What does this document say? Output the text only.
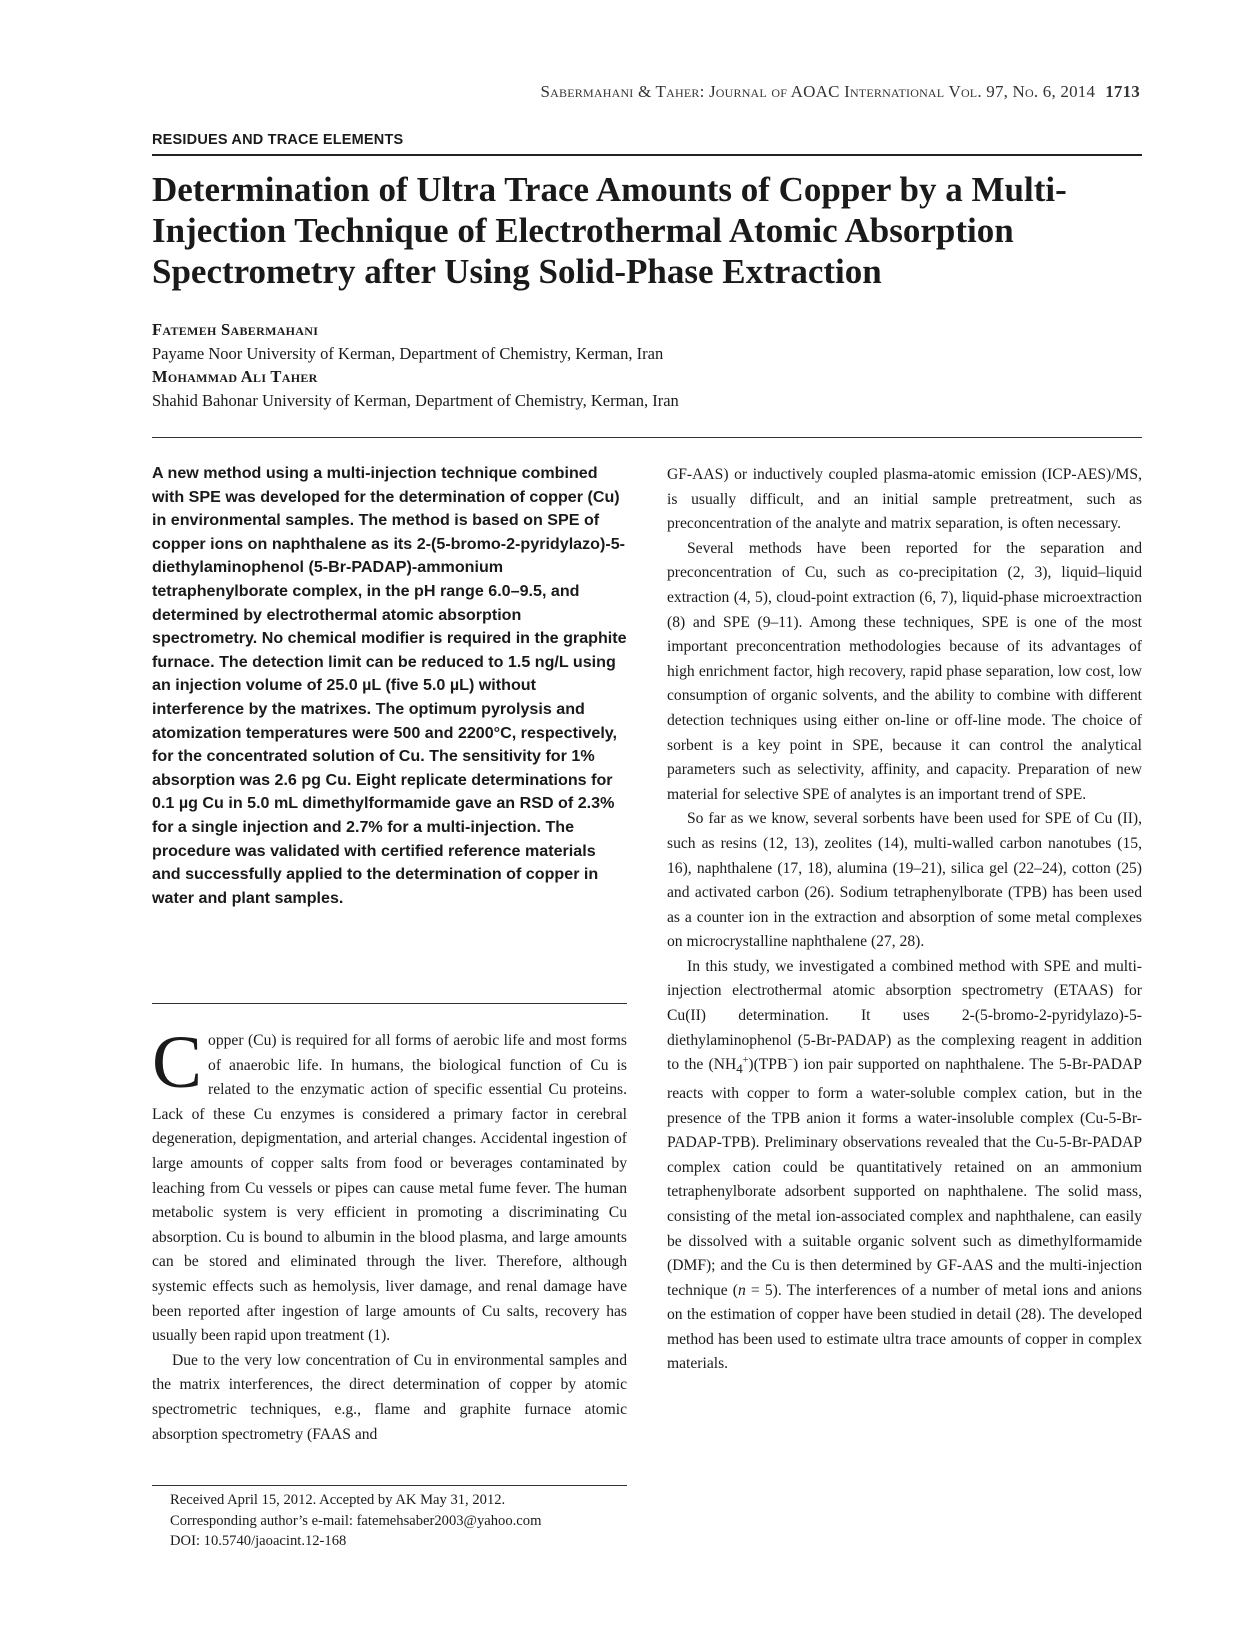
Sabermahani & Taher: Journal of AOAC International Vol. 97, No. 6, 2014 1713
RESIDUES AND TRACE ELEMENTS
Determination of Ultra Trace Amounts of Copper by a Multi-Injection Technique of Electrothermal Atomic Absorption Spectrometry after Using Solid-Phase Extraction
Fatemeh Sabermahani
Payame Noor University of Kerman, Department of Chemistry, Kerman, Iran
Mohammad Ali Taher
Shahid Bahonar University of Kerman, Department of Chemistry, Kerman, Iran
A new method using a multi-injection technique combined with SPE was developed for the determination of copper (Cu) in environmental samples. The method is based on SPE of copper ions on naphthalene as its 2-(5-bromo-2-pyridylazo)-5-diethylaminophenol (5-Br-PADAP)-ammonium tetraphenylborate complex, in the pH range 6.0–9.5, and determined by electrothermal atomic absorption spectrometry. No chemical modifier is required in the graphite furnace. The detection limit can be reduced to 1.5 ng/L using an injection volume of 25.0 µL (five 5.0 µL) without interference by the matrixes. The optimum pyrolysis and atomization temperatures were 500 and 2200°C, respectively, for the concentrated solution of Cu. The sensitivity for 1% absorption was 2.6 pg Cu. Eight replicate determinations for 0.1 µg Cu in 5.0 mL dimethylformamide gave an RSD of 2.3% for a single injection and 2.7% for a multi-injection. The procedure was validated with certified reference materials and successfully applied to the determination of copper in water and plant samples.

Copper (Cu) is required for all forms of aerobic life and most forms of anaerobic life. In humans, the biological function of Cu is related to the enzymatic action of specific essential Cu proteins. Lack of these Cu enzymes is considered a primary factor in cerebral degeneration, depigmentation, and arterial changes. Accidental ingestion of large amounts of copper salts from food or beverages contaminated by leaching from Cu vessels or pipes can cause metal fume fever. The human metabolic system is very efficient in promoting a discriminating Cu absorption. Cu is bound to albumin in the blood plasma, and large amounts can be stored and eliminated through the liver. Therefore, although systemic effects such as hemolysis, liver damage, and renal damage have been reported after ingestion of large amounts of Cu salts, recovery has usually been rapid upon treatment (1).

Due to the very low concentration of Cu in environmental samples and the matrix interferences, the direct determination of copper by atomic spectrometric techniques, e.g., flame and graphite furnace atomic absorption spectrometry (FAAS and

Received April 15, 2012. Accepted by AK May 31, 2012.
Corresponding author’s e-mail: fatemehsaber2003@yahoo.com
DOI: 10.5740/jaoacint.12-168

GF-AAS) or inductively coupled plasma-atomic emission (ICP-AES)/MS, is usually difficult, and an initial sample pretreatment, such as preconcentration of the analyte and matrix separation, is often necessary.

Several methods have been reported for the separation and preconcentration of Cu, such as co-precipitation (2, 3), liquid–liquid extraction (4, 5), cloud-point extraction (6, 7), liquid-phase microextraction (8) and SPE (9–11). Among these techniques, SPE is one of the most important preconcentration methodologies because of its advantages of high enrichment factor, high recovery, rapid phase separation, low cost, low consumption of organic solvents, and the ability to combine with different detection techniques using either on-line or off-line mode. The choice of sorbent is a key point in SPE, because it can control the analytical parameters such as selectivity, affinity, and capacity. Preparation of new material for selective SPE of analytes is an important trend of SPE.

So far as we know, several sorbents have been used for SPE of Cu (II), such as resins (12, 13), zeolites (14), multi-walled carbon nanotubes (15, 16), naphthalene (17, 18), alumina (19–21), silica gel (22–24), cotton (25) and activated carbon (26). Sodium tetraphenylborate (TPB) has been used as a counter ion in the extraction and absorption of some metal complexes on microcrystalline naphthalene (27, 28).

In this study, we investigated a combined method with SPE and multi-injection electrothermal atomic absorption spectrometry (ETAAS) for Cu(II) determination. It uses 2-(5-bromo-2-pyridylazo)-5-diethylaminophenol (5-Br-PADAP) as the complexing reagent in addition to the $(NH_4^+)(TPB^-)$ ion pair supported on naphthalene. The 5-Br-PADAP reacts with copper to form a water-soluble complex cation, but in the presence of the TPB anion it forms a water-insoluble complex (Cu-5-Br-PADAP-TPB). Preliminary observations revealed that the Cu-5-Br-PADAP complex cation could be quantitatively retained on an ammonium tetraphenylborate adsorbent supported on naphthalene. The solid mass, consisting of the metal ion-associated complex and naphthalene, can easily be dissolved with a suitable organic solvent such as dimethylformamide (DMF); and the Cu is then determined by GF-AAS and the multi-injection technique (n = 5). The interferences of a number of metal ions and anions on the estimation of copper have been studied in detail (28). The developed method has been used to estimate ultra trace amounts of copper in complex materials.
